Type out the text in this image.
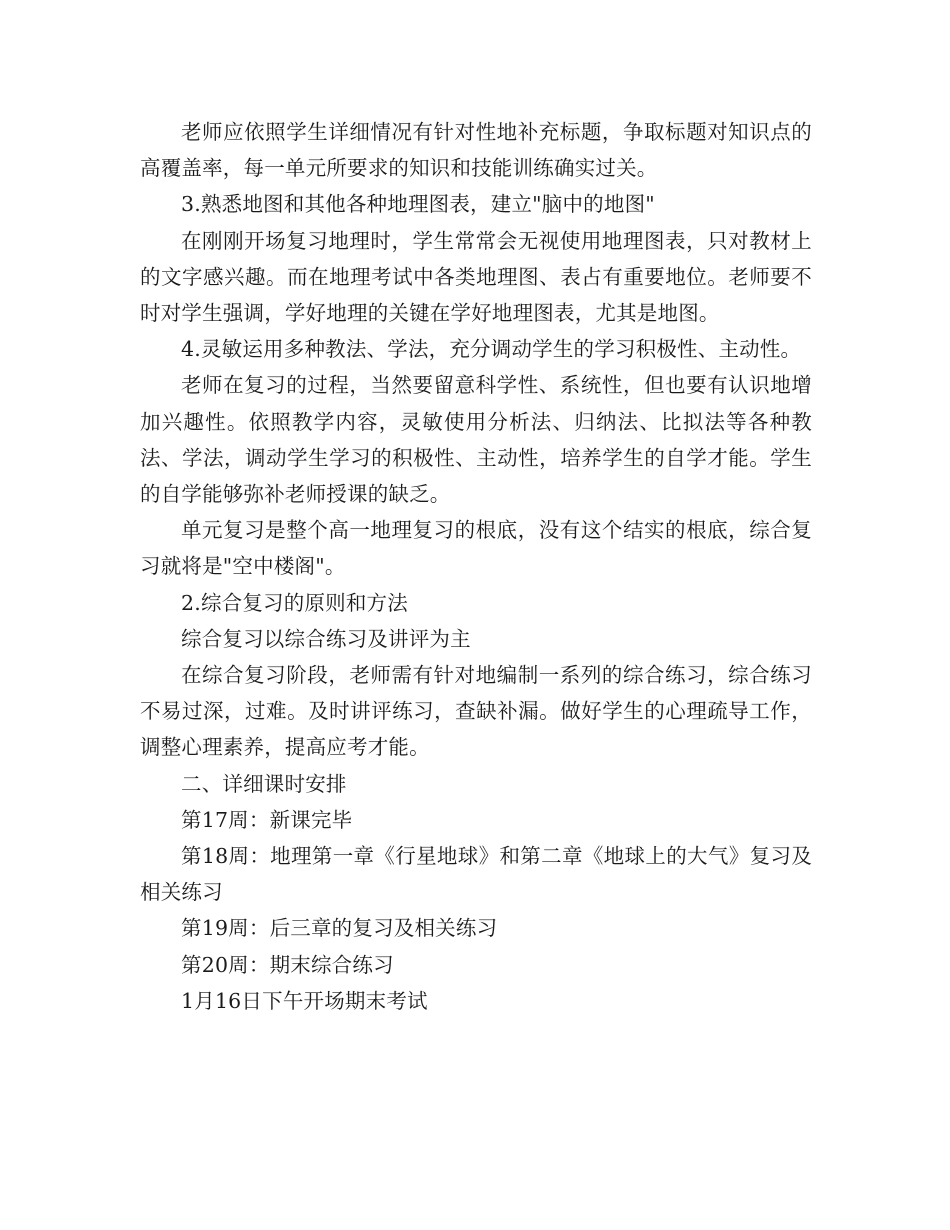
老师应依照学生详细情况有针对性地补充标题，争取标题对知识点的高覆盖率，每一单元所要求的知识和技能训练确实过关。

3.熟悉地图和其他各种地理图表，建立"脑中的地图"

在刚刚开场复习地理时，学生常常会无视使用地理图表，只对教材上的文字感兴趣。而在地理考试中各类地理图、表占有重要地位。老师要不时对学生强调，学好地理的关键在学好地理图表，尤其是地图。

4.灵敏运用多种教法、学法，充分调动学生的学习积极性、主动性。

老师在复习的过程，当然要留意科学性、系统性，但也要有认识地增加兴趣性。依照教学内容，灵敏使用分析法、归纳法、比拟法等各种教法、学法，调动学生学习的积极性、主动性，培养学生的自学才能。学生的自学能够弥补老师授课的缺乏。

单元复习是整个高一地理复习的根底，没有这个结实的根底，综合复习就将是"空中楼阁"。

2.综合复习的原则和方法

综合复习以综合练习及讲评为主

在综合复习阶段，老师需有针对地编制一系列的综合练习，综合练习不易过深，过难。及时讲评练习，查缺补漏。做好学生的心理疏导工作，调整心理素养，提高应考才能。

二、详细课时安排

第17周：新课完毕

第18周：地理第一章《行星地球》和第二章《地球上的大气》复习及相关练习

第19周：后三章的复习及相关练习

第20周：期末综合练习

1月16日下午开场期末考试
